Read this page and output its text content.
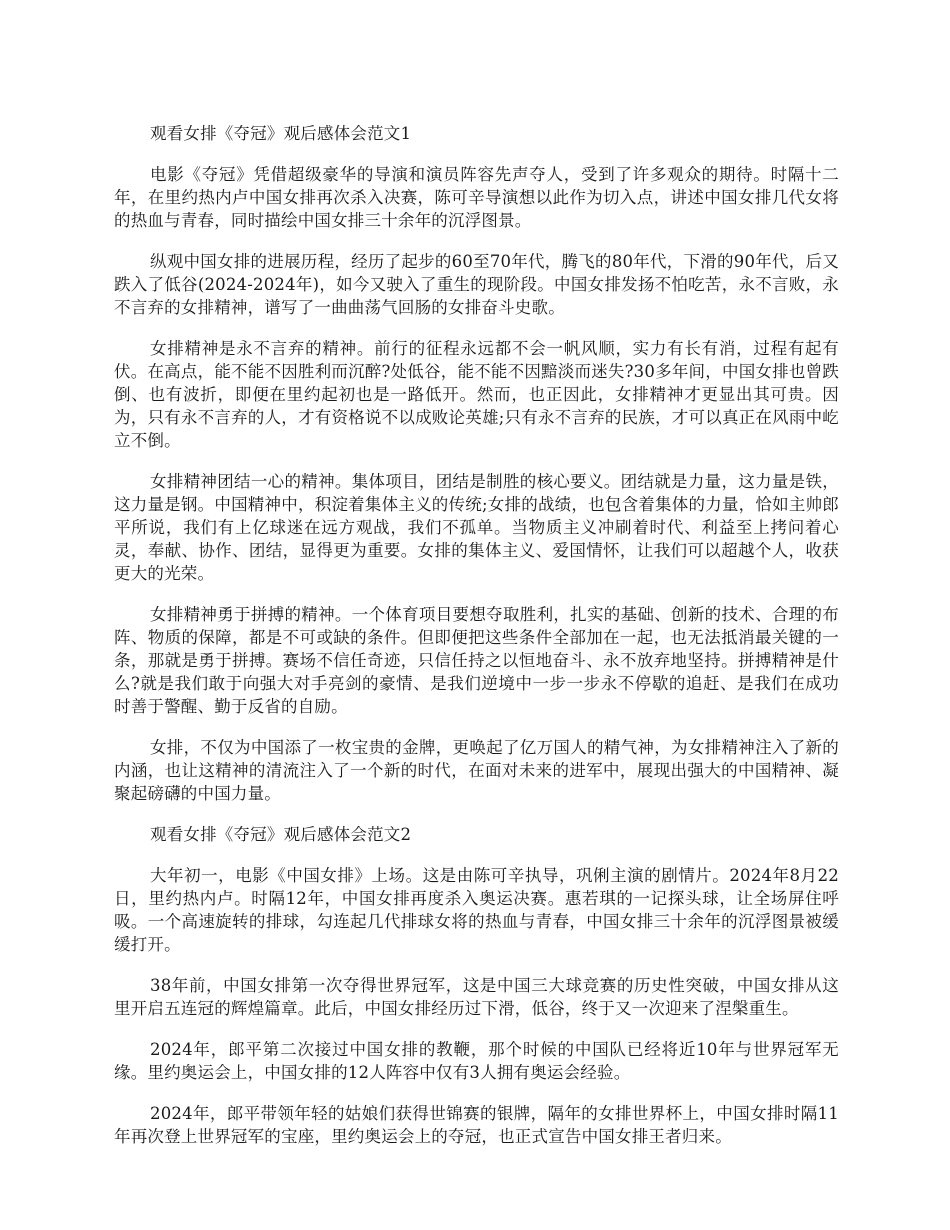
观看女排《夺冠》观后感体会范文1

电影《夺冠》凭借超级豪华的导演和演员阵容先声夺人，受到了许多观众的期待。时隔十二年，在里约热内卢中国女排再次杀入决赛，陈可辛导演想以此作为切入点，讲述中国女排几代女将的热血与青春，同时描绘中国女排三十余年的沉浮图景。

纵观中国女排的进展历程，经历了起步的60至70年代，腾飞的80年代，下滑的90年代，后又跌入了低谷(2024-2024年)，如今又驶入了重生的现阶段。中国女排发扬不怕吃苦，永不言败，永不言弃的女排精神，谱写了一曲曲荡气回肠的女排奋斗史歌。

女排精神是永不言弃的精神。前行的征程永远都不会一帆风顺，实力有长有消，过程有起有伏。在高点，能不能不因胜利而沉醉?处低谷，能不能不因黯淡而迷失?30多年间，中国女排也曾跌倒、也有波折，即便在里约起初也是一路低开。然而，也正因此，女排精神才更显出其可贵。因为，只有永不言弃的人，才有资格说不以成败论英雄;只有永不言弃的民族，才可以真正在风雨中屹立不倒。

女排精神团结一心的精神。集体项目，团结是制胜的核心要义。团结就是力量，这力量是铁，这力量是钢。中国精神中，积淀着集体主义的传统;女排的战绩，也包含着集体的力量，恰如主帅郎平所说，我们有上亿球迷在远方观战，我们不孤单。当物质主义冲刷着时代、利益至上拷问着心灵，奉献、协作、团结，显得更为重要。女排的集体主义、爱国情怀，让我们可以超越个人，收获更大的光荣。

女排精神勇于拼搏的精神。一个体育项目要想夺取胜利，扎实的基础、创新的技术、合理的布阵、物质的保障，都是不可或缺的条件。但即便把这些条件全部加在一起，也无法抵消最关键的一条，那就是勇于拼搏。赛场不信任奇迹，只信任持之以恒地奋斗、永不放弃地坚持。拼搏精神是什么?就是我们敢于向强大对手亮剑的豪情、是我们逆境中一步一步永不停歇的追赶、是我们在成功时善于警醒、勤于反省的自励。

女排，不仅为中国添了一枚宝贵的金牌，更唤起了亿万国人的精气神，为女排精神注入了新的内涵，也让这精神的清流注入了一个新的时代，在面对未来的进军中，展现出强大的中国精神、凝聚起磅礴的中国力量。

观看女排《夺冠》观后感体会范文2

大年初一，电影《中国女排》上场。这是由陈可辛执导，巩俐主演的剧情片。2024年8月22日，里约热内卢。时隔12年，中国女排再度杀入奥运决赛。惠若琪的一记探头球，让全场屏住呼吸。一个高速旋转的排球，勾连起几代排球女将的热血与青春，中国女排三十余年的沉浮图景被缓缓打开。

38年前，中国女排第一次夺得世界冠军，这是中国三大球竞赛的历史性突破，中国女排从这里开启五连冠的辉煌篇章。此后，中国女排经历过下滑，低谷，终于又一次迎来了涅槃重生。

2024年，郎平第二次接过中国女排的教鞭，那个时候的中国队已经将近10年与世界冠军无缘。里约奥运会上，中国女排的12人阵容中仅有3人拥有奥运会经验。

2024年，郎平带领年轻的姑娘们获得世锦赛的银牌，隔年的女排世界杯上，中国女排时隔11年再次登上世界冠军的宝座，里约奥运会上的夺冠，也正式宣告中国女排王者归来。
